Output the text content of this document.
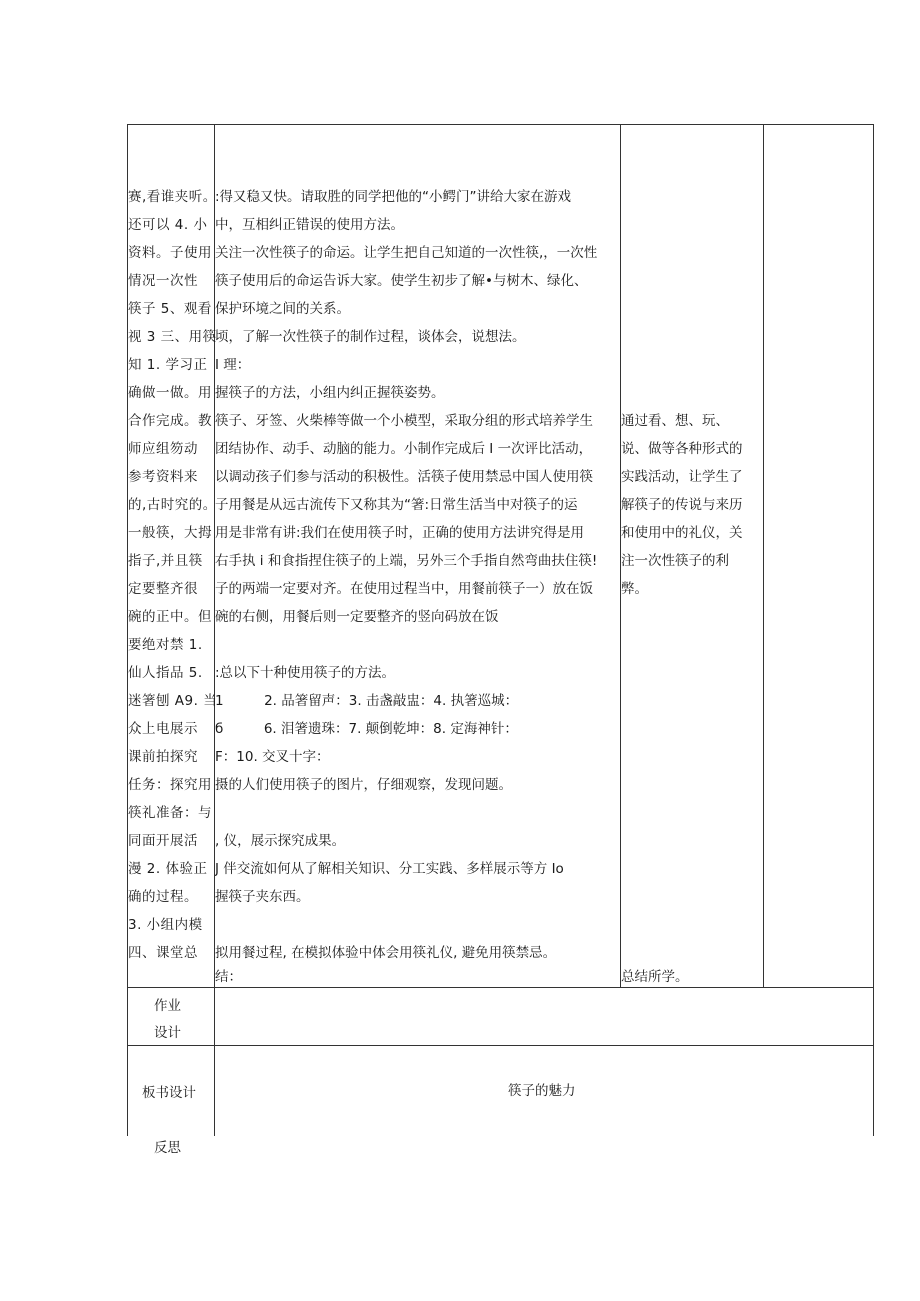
赛,看谁夹听。
还可以 4. 小
资料。子使用
情况一次性
筷子 5、观看
视 3 三、用筷
知 1. 学习正
确做一做。用
合作完成。教
师应组笏动
参考资料来
的,古时究的。
一般筷，大拇
指子,并且筷
定要整齐很
碗的正中。但
要绝对禁 1.
仙人指品 5.
迷箸刨 A9. 当
众上电展示
课前拍探究
任务：探究用
筷礼准备：与
同面开展活
漫 2. 体验正
确的过程。
3. 小组内模
四、课堂总
:得又稳又快。请取胜的同学把他的“小鳄门”讲给大家在游戏
中，互相纠正错误的使用方法。
关注一次性筷子的命运。让学生把自己知道的一次性筷,，一次性
筷子使用后的命运告诉大家。使学生初步了解•与树木、绿化、
保护环境之间的关系。
顷，了解一次性筷子的制作过程，谈体会，说想法。
I 理：
握筷子的方法，小组内纠正握筷姿势。
筷子、牙签、火柴棒等做一个小模型，采取分组的形式培养学生
团结协作、动手、动脑的能力。小制作完成后 I 一次评比活动，
以调动孩子们参与活动的积极性。活筷子使用禁忌中国人使用筷
子用餐是从远古流传下又称其为“箸:日常生活当中对筷子的运
用是非常有讲:我们在使用筷子时，正确的使用方法讲究得是用
右手执 i 和食指捏住筷子的上端，另外三个手指自然弯曲扶住筷!
子的两端一定要对齐。在使用过程当中，用餐前筷子一）放在饭
碗的右侧，用餐后则一定要整齐的竖向码放在饭
:总以下十种使用筷子的方法。
1　　　2. 品箸留声：3. 击盏敲盅：4. 执箸巡城：
б　　　6. 泪箸遗珠：7. 颠倒乾坤：8. 定海神针：
F：10. 交叉十字：
摄的人们使用筷子的图片，仔细观察，发现问题。
, 仪，展示探究成果。
J 伴交流如何从了解相关知识、分工实践、多样展示等方 Io
握筷子夹东西。
拟用餐过程, 在模拟体验中体会用筷礼仪, 避免用筷禁忌。
结：
通过看、想、玩、
说、做等各种形式的
实践活动，让学生了
解筷子的传说与来历
和使用中的礼仪，关
注一次性筷子的利
弊。
总结所学。
作业
设计
板书设计	筷子的魅力
反思
